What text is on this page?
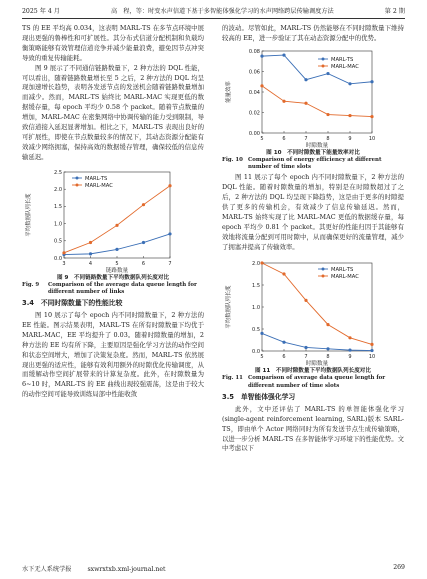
2025 年 4 月	高　程，等：时变水声信道下基于多智能体强化学习的水声网络跨层传输调度方法	第 2 期

TS 的 EE 平均高 0.034，这表明 MARL-TS 在多节点环境中展现出更强的鲁棒性和可扩展性。其分布式信道分配机制和负载均衡策略能够有效管理信道竞争并减少能量浪费，避免因节点冲突导致的重复传输能耗。

图 9 展示了不同通信链路数量下，2 种方法的 DQL 性能，可以看出，随着链路数量增长至 5 之后，2 种方法的 DQL 均呈现加速增长趋势，表明各发送节点的发送机会随着链路数量增加而减少。然而，MARL-TS 始终比 MARL-MAC 实现更低的数据缓存量，每 epoch 平均少 0.58 个 packet。随着节点数量的增加，MARL-MAC 在密集网络中协调传输的能力受到限制，导致信道接入延迟显著增加。相比之下，MARL-TS 表现出良好的可扩展性，即使在节点数量较多的情况下，其动态资源分配能有效减少网络拥塞，保持高效的数据缓存管理，确保较低的信息传输延迟。

0.0
0.5
1.0
1.5
2.0
2.5
3	4	5	6	7
链路数量
平均数据队列长度
MARL-TS
MARL-MAC
图 9　不同链路数量下平均数据队列长度对比
Fig. 9 Comparison of the average data queue length for
different number of links
3.4　不同时隙数量下的性能比较

图 10 展示了每个 epoch 内不同时隙数量下，2 种方法的 EE 性能。图示结果表明，MARL-TS 在所有时隙数量下均优于 MARL-MAC，EE 平均提升了 0.03。随着时隙数量的增加，2 种方法的 EE 均有所下降，主要原因是强化学习方法的动作空间和状态空间增大，增加了决策复杂度。然而，MARL-TS 依然展现出更强的适应性，能够有效利用额外的时隙优化传输调度，从而缓解动作空间扩展带来的计算复杂度。此外，在时隙数量为 6~10 时，MARL-TS 的 EE 曲线出现较强震荡，这是由于较大的动作空间可能导致训练局部中性能收敛

的波动。尽管如此，MARL-TS 仍然能够在不同时隙数量下维持较高的 EE，进一步验证了其在动态资源分配中的优势。

0.00
0.02
0.04
0.06
0.08
5	6	7	8	9	10
时隙数量
能量效率
MARL-TS
MARL-MAC
图 10　不同时隙数量下能量效率对比
Fig. 10 Comparison of energy efficiency at different
number of time slots

图 11 展示了每个 epoch 内不同时隙数量下，2 种方法的 DQL 性能。随着时隙数量的增加，特别是在时隙数超过了之后，2 种方法的 DQL 均呈现下降趋势，这是由于更多的时隙提供了更多的传输机会，有效减少了信息传输延迟。然而，MARL-TS 始终实现了比 MARL-MAC 更低的数据缓存量，每 epoch 平均少 0.81 个 packet。其更好的性能归因于其能够有效地将流量分配到可用时隙中，从而确保更好的流量管理，减少了拥塞并提高了传输效率。

0.0
0.5
1.0
1.5
2.0
5	6	7	8	9	10
时隙数量
平均数据队列长度
MARL-TS
MARL-MAC
图 11　不同时隙数量下平均数据队列长度对比
Fig. 11 Comparison of average data queue length for
different number of time slots
3.5　单智能体强化学习

此外，文中还评估了 MARL-TS 的单智能体强化学习(single-agent reinforcement learning, SARL)版本 SARL-TS，即由单个 Actor 网络同时为所有发送节点生成传输策略，以进一步分析 MARL-TS 在多智能体学习环境下的性能优势。文中考虑以下

水下无人系统学报	sxwrxtxb.xml-journal.net	269
